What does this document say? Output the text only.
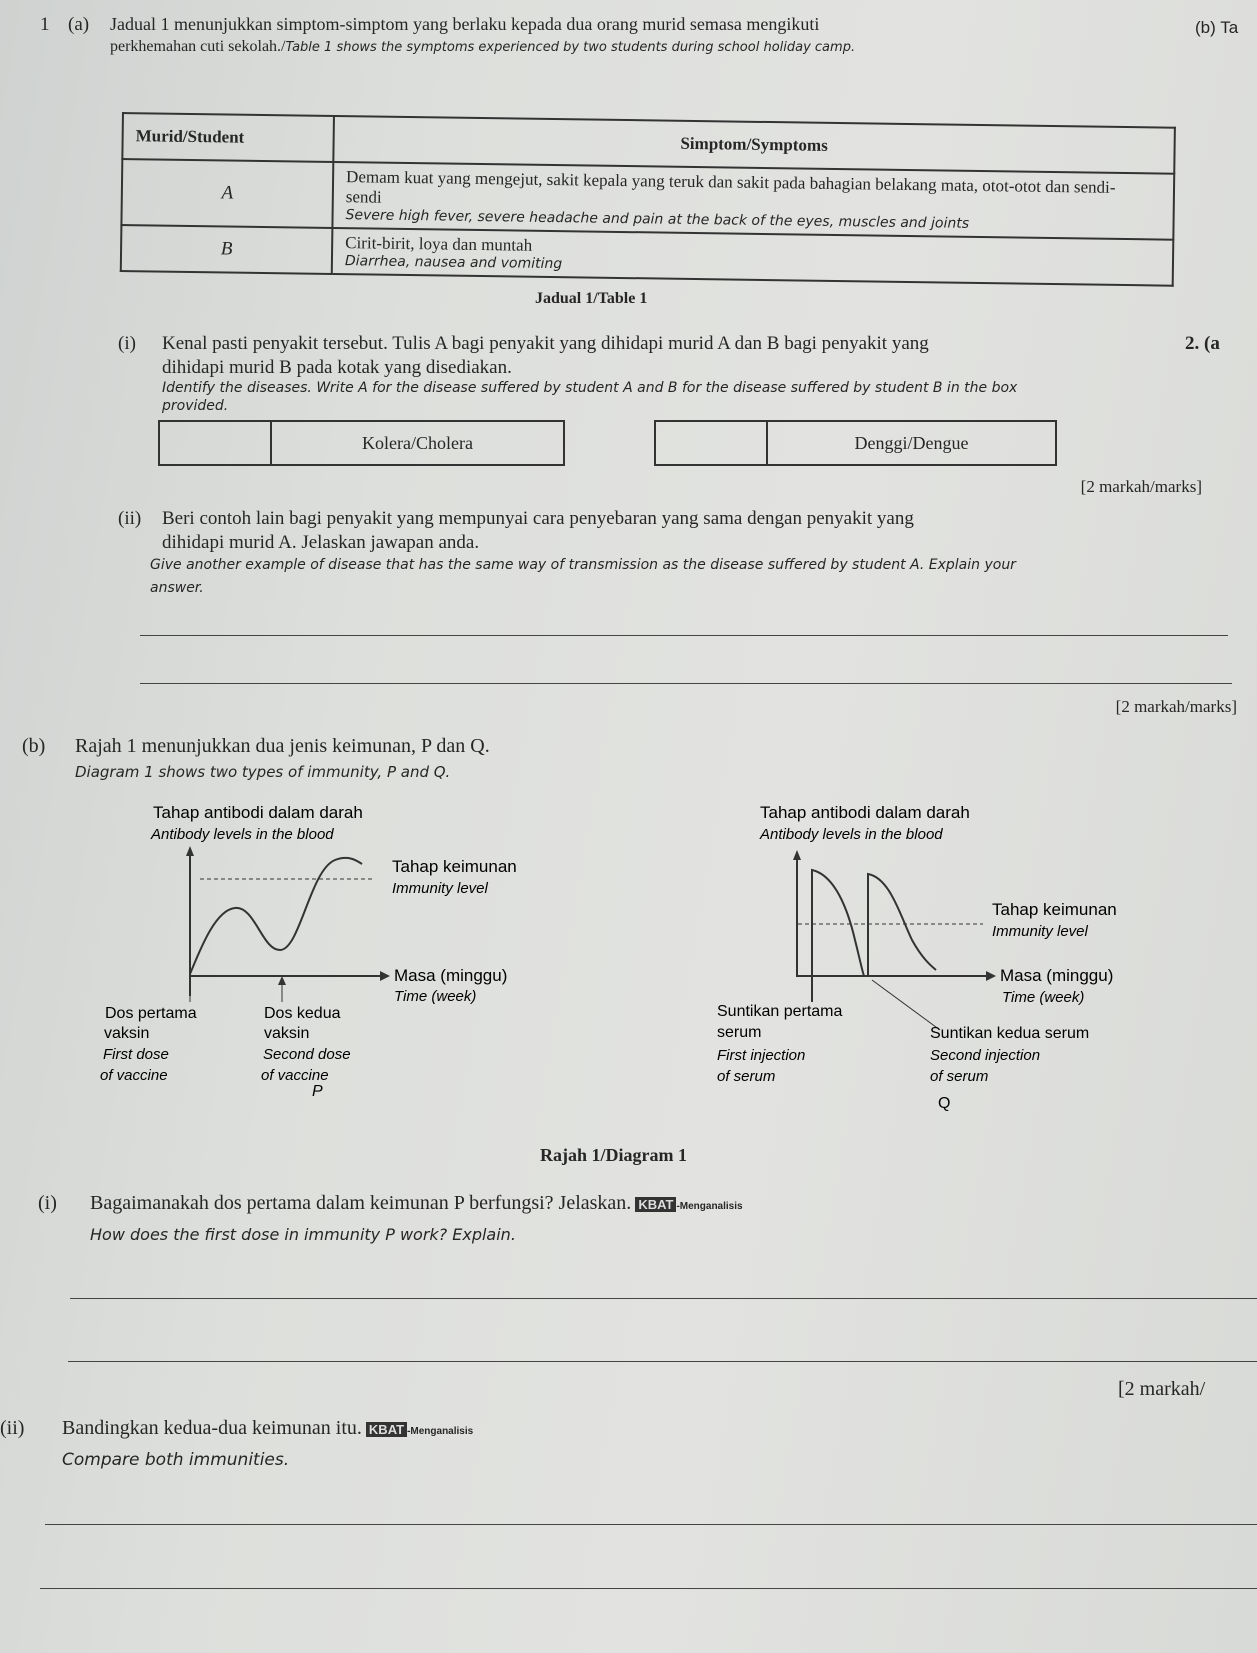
1 (a) Jadual 1 menunjukkan simptom-simptom yang berlaku kepada dua orang murid semasa mengikuti
perkhemahan cuti sekolah./Table 1 shows the symptoms experienced by two students during school holiday camp.
(b) Ta
Murid/Student	Simptom/Symptoms
A	Demam kuat yang mengejut, sakit kepala yang teruk dan sakit pada bahagian belakang mata, otot-otot dan sendi-sendi
Severe high fever, severe headache and pain at the back of the eyes, muscles and joints

B	Cirit-birit, loya dan muntah
Diarrhea, nausea and vomiting
Jadual 1/Table 1
(i) Kenal pasti penyakit tersebut. Tulis A bagi penyakit yang dihidapi murid A dan B bagi penyakit yang	2. (a
dihidapi murid B pada kotak yang disediakan.
Identify the diseases. Write A for the disease suffered by student A and B for the disease suffered by student B in the box
provided.
Kolera/Cholera	Denggi/Dengue
[2 markah/marks]
(ii) Beri contoh lain bagi penyakit yang mempunyai cara penyebaran yang sama dengan penyakit yang
dihidapi murid A. Jelaskan jawapan anda.
Give another example of disease that has the same way of transmission as the disease suffered by student A. Explain your
answer.
[2 markah/marks]
(b) Rajah 1 menunjukkan dua jenis keimunan, P dan Q.
Diagram 1 shows two types of immunity, P and Q.
Tahap antibodi dalam darah
Antibody levels in the blood
Tahap keimunan
Immunity level
Masa (minggu)
Time (week)
Dos pertama
vaksin
First dose
of vaccine
Dos kedua
vaksin
Second dose
of vaccine
P
Tahap antibodi dalam darah
Antibody levels in the blood
Tahap keimunan
Immunity level
Masa (minggu)
Time (week)
Suntikan pertama
serum
First injection
of serum
Suntikan kedua serum
Second injection
of serum
Q
Rajah 1/Diagram 1
(i) Bagaimanakah dos pertama dalam keimunan P berfungsi? Jelaskan. KBAT -Menganalisis
How does the first dose in immunity P work? Explain.
[2 markah/
(ii) Bandingkan kedua-dua keimunan itu. KBAT -Menganalisis
Compare both immunities.
